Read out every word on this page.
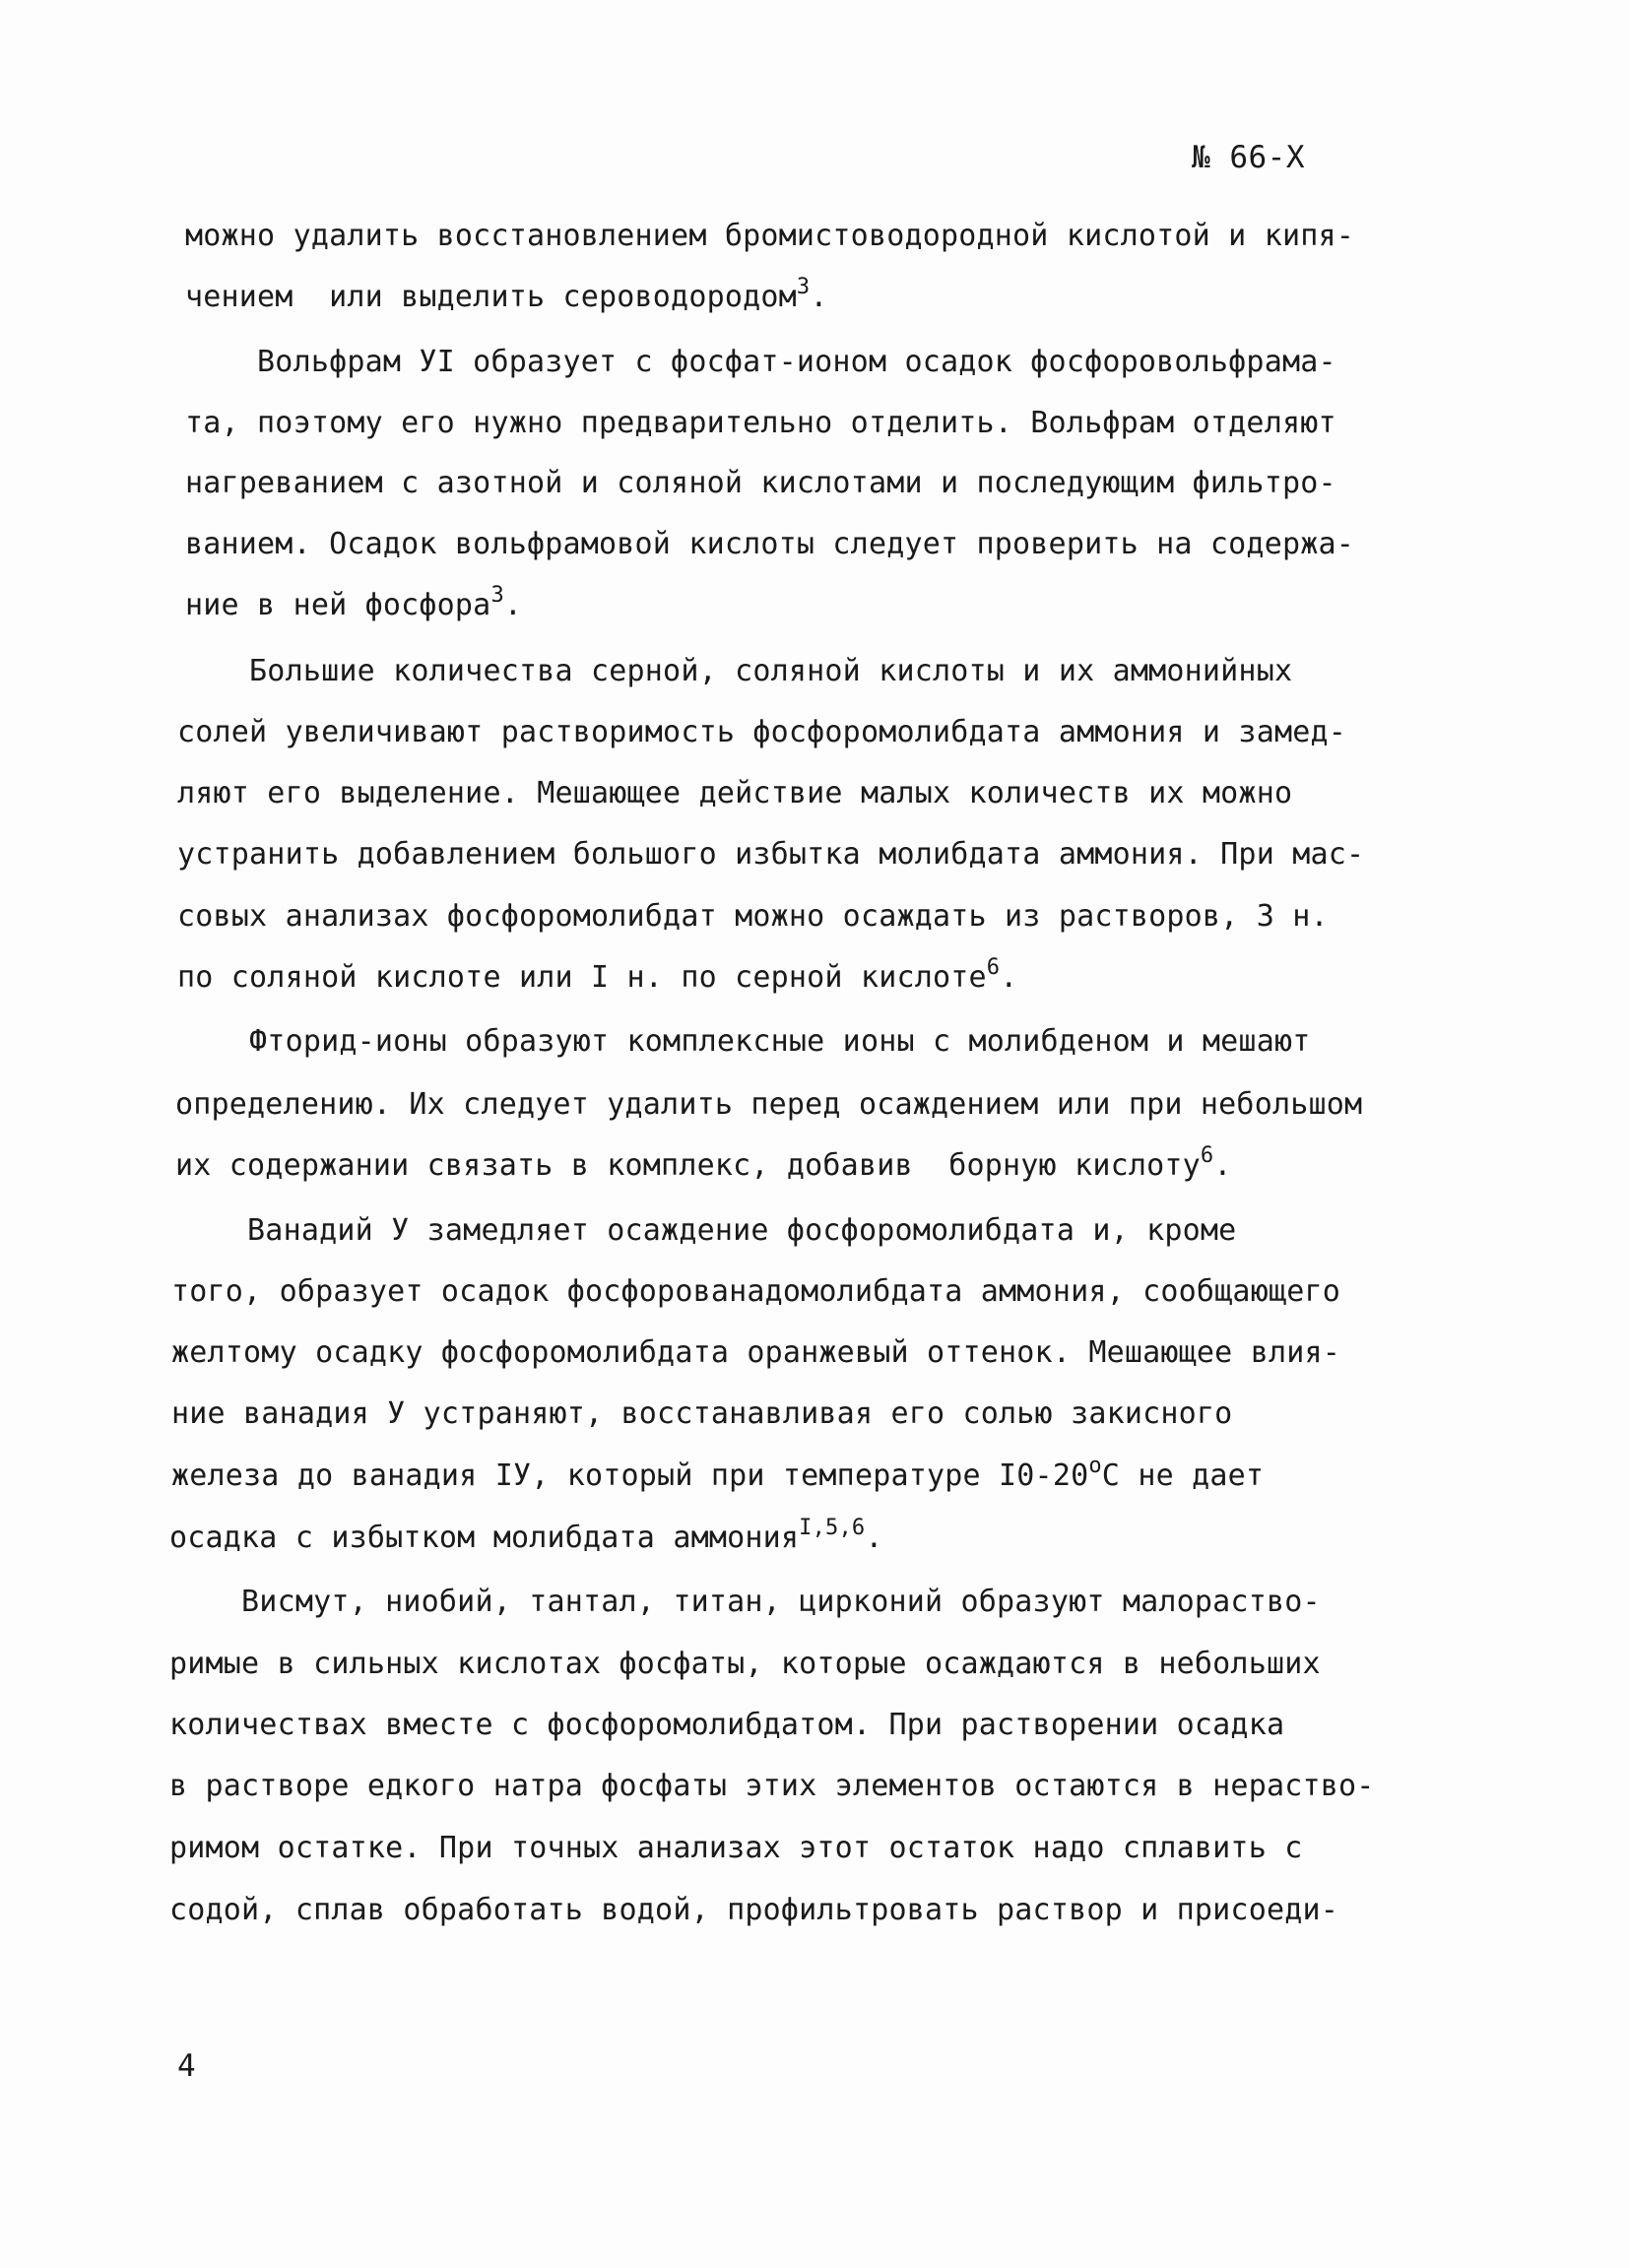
№ 66-Х
можно удалить восстановлением бромистоводородной кислотой и кипя-
чением  или выделить сероводородом$^3$.
Вольфрам УI образует с фосфат-ионом осадок фосфоровольфрама-
та, поэтому его нужно предварительно отделить. Вольфрам отделяют
нагреванием с азотной и соляной кислотами и последующим фильтро-
ванием. Осадок вольфрамовой кислоты следует проверить на содержа-
ние в ней фосфора$^3$.
Большие количества серной, соляной кислоты и их аммонийных
солей увеличивают растворимость фосфоромолибдата аммония и замед-
ляют его выделение. Мешающее действие малых количеств их можно
устранить добавлением большого избытка молибдата аммония. При мас-
совых анализах фосфоромолибдат можно осаждать из растворов, 3 н.
по соляной кислоте или I н. по серной кислоте$^6$.
Фторид-ионы образуют комплексные ионы с молибденом и мешают
определению. Их следует удалить перед осаждением или при небольшом
их содержании связать в комплекс, добавив  борную кислоту$^6$.
Ванадий У замедляет осаждение фосфоромолибдата и, кроме
того, образует осадок фосфорованадомолибдата аммония, сообщающего
желтому осадку фосфоромолибдата оранжевый оттенок. Мешающее влия-
ние ванадия У устраняют, восстанавливая его солью закисного
железа до ванадия IУ, который при температуре $I0-20^оС$ не дает
осадка с избытком молибдата аммония$^{I,5,6}$.
Висмут, ниобий, тантал, титан, цирконий образуют малораство-
римые в сильных кислотах фосфаты, которые осаждаются в небольших
количествах вместе с фосфоромолибдатом. При растворении осадка
в растворе едкого натра фосфаты этих элементов остаются в нераство-
римом остатке. При точных анализах этот остаток надо сплавить с
содой, сплав обработать водой, профильтровать раствор и присоеди-
4
